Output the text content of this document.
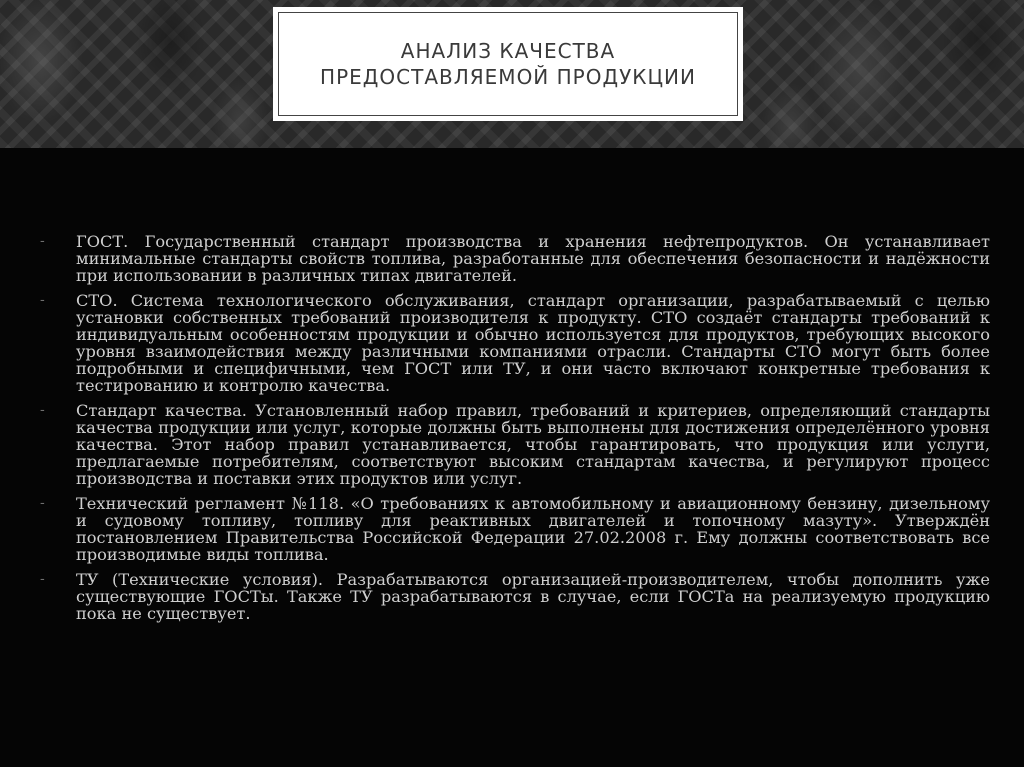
АНАЛИЗ КАЧЕСТВА
ПРЕДОСТАВЛЯЕМОЙ ПРОДУКЦИИ
- ГОСТ. Государственный стандарт производства и хранения нефтепродуктов. Он устанавливает минимальные стандарты свойств топлива, разработанные для обеспечения безопасности и надёжности при использовании в различных типах двигателей.
- СТО. Система технологического обслуживания, стандарт организации, разрабатываемый с целью установки собственных требований производителя к продукту. СТО создаёт стандарты требований к индивидуальным особенностям продукции и обычно используется для продуктов, требующих высокого уровня взаимодействия между различными компаниями отрасли. Стандарты СТО могут быть более подробными и специфичными, чем ГОСТ или ТУ, и они часто включают конкретные требования к тестированию и контролю качества.
- Стандарт качества. Установленный набор правил, требований и критериев, определяющий стандарты качества продукции или услуг, которые должны быть выполнены для достижения определённого уровня качества. Этот набор правил устанавливается, чтобы гарантировать, что продукция или услуги, предлагаемые потребителям, соответствуют высоким стандартам качества, и регулируют процесс производства и поставки этих продуктов или услуг.
- Технический регламент №118. «О требованиях к автомобильному и авиационному бензину, дизельному и судовому топливу, топливу для реактивных двигателей и топочному мазуту». Утверждён постановлением Правительства Российской Федерации 27.02.2008 г. Ему должны соответствовать все производимые виды топлива.
- ТУ (Технические условия). Разрабатываются организацией-производителем, чтобы дополнить уже существующие ГОСТы. Также ТУ разрабатываются в случае, если ГОСТа на реализуемую продукцию пока не существует.
